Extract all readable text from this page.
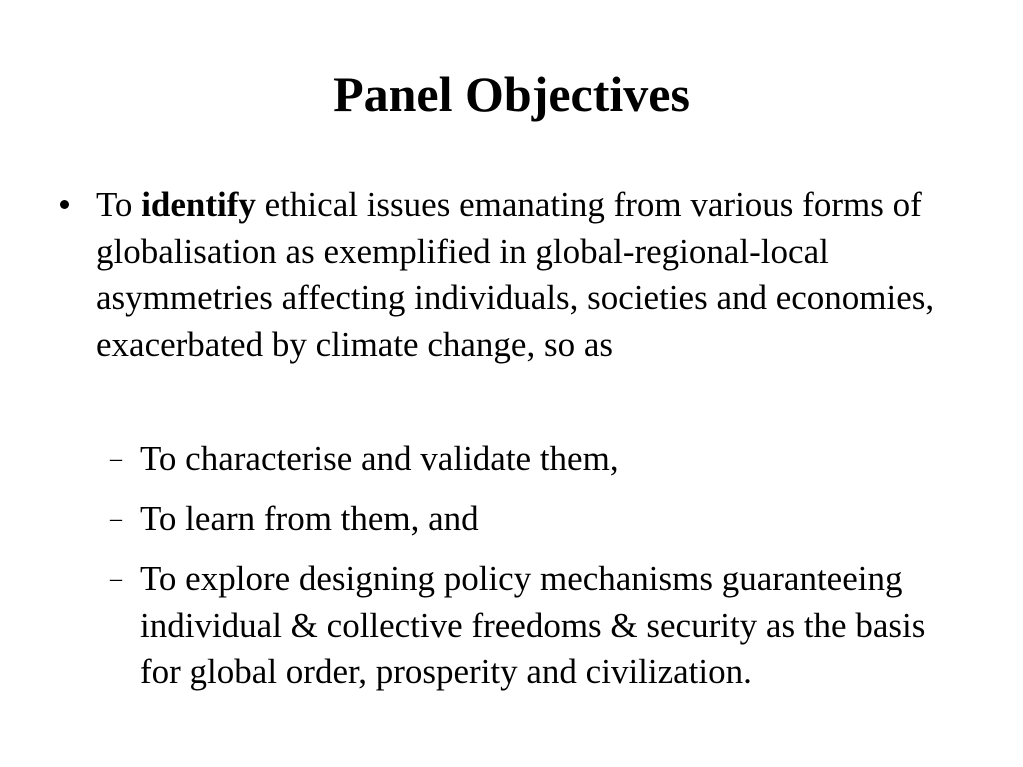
Panel Objectives
To identify ethical issues emanating from various forms of globalisation as exemplified in global-regional-local asymmetries affecting individuals, societies and economies, exacerbated by climate change, so as
– To characterise and validate them,
– To learn from them, and
– To explore designing policy mechanisms guaranteeing individual & collective freedoms & security as the basis for global order, prosperity and civilization.
